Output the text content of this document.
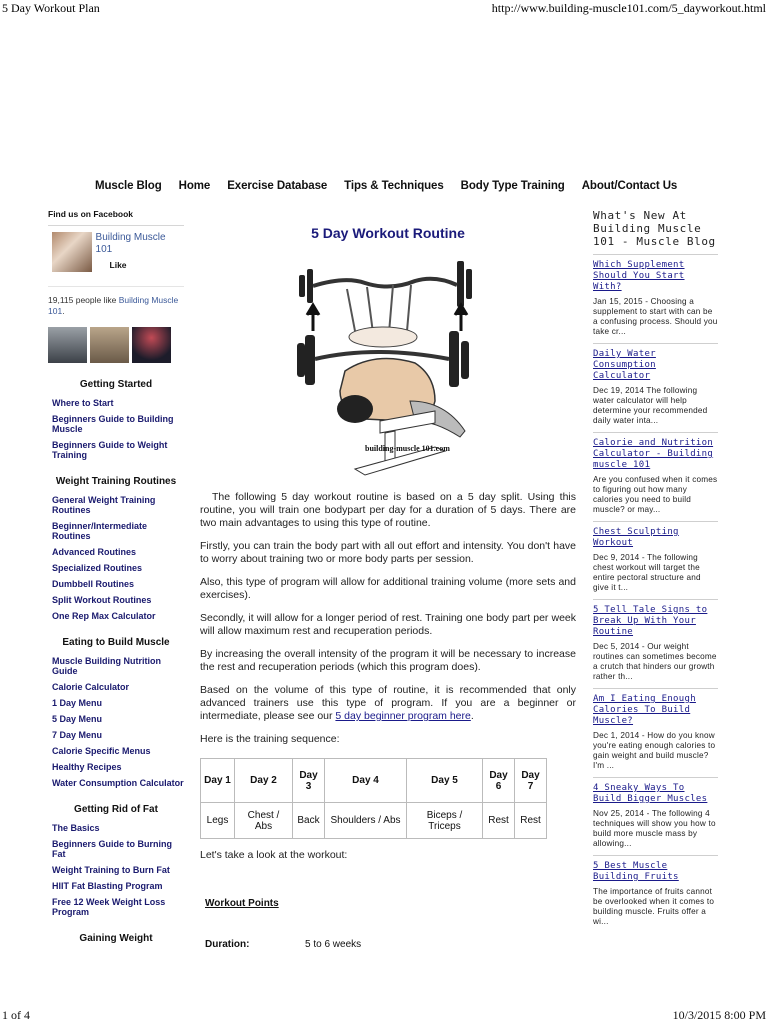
5 Day Workout Plan	http://www.building-muscle101.com/5_dayworkout.html
Muscle Blog Home Exercise Database Tips & Techniques Body Type Training About/Contact Us
Find us on Facebook
Building Muscle 101
Like
19,115 people like Building Muscle 101.
Getting Started
Where to Start
Beginners Guide to Building Muscle
Beginners Guide to Weight Training
Weight Training Routines
General Weight Training Routines
Beginner/Intermediate Routines
Advanced Routines
Specialized Routines
Dumbbell Routines
Split Workout Routines
One Rep Max Calculator
Eating to Build Muscle
Muscle Building Nutrition Guide
Calorie Calculator
1 Day Menu
5 Day Menu
7 Day Menu
Calorie Specific Menus
Healthy Recipes
Water Consumption Calculator
Getting Rid of Fat
The Basics
Beginners Guide to Burning Fat
Weight Training to Burn Fat
HIIT Fat Blasting Program
Free 12 Week Weight Loss Program
Gaining Weight
5 Day Workout Routine
building-muscle 101.com

The following 5 day workout routine is based on a 5 day split. Using this routine, you will train one bodypart per day for a duration of 5 days. There are two main advantages to using this type of routine.

Firstly, you can train the body part with all out effort and intensity. You don't have to worry about training two or more body parts per session.

Also, this type of program will allow for additional training volume (more sets and exercises).

Secondly, it will allow for a longer period of rest. Training one body part per week will allow maximum rest and recuperation periods.

By increasing the overall intensity of the program it will be necessary to increase the rest and recuperation periods (which this program does).

Based on the volume of this type of routine, it is recommended that only advanced trainers use this type of program. If you are a beginner or intermediate, please see our 5 day beginner program here.

Here is the training sequence:

Day 1	Day 2	Day 3	Day 4	Day 5	Day 6	Day 7
Legs	Chest / Abs	Back	Shoulders / Abs	Biceps / Triceps	Rest	Rest

Let's take a look at the workout:

Workout Points
Duration:	5 to 6 weeks
What's New At Building Muscle 101 - Muscle Blog
Which Supplement Should You Start With?
Jan 15, 2015 - Choosing a supplement to start with can be a confusing process. Should you take cr...
Daily Water Consumption Calculator
Dec 19, 2014 The following water calculator will help determine your recommended daily water inta...
Calorie and Nutrition Calculator - Building muscle 101
Are you confused when it comes to figuring out how many calories you need to build muscle? or may...
Chest Sculpting Workout
Dec 9, 2014 - The following chest workout will target the entire pectoral structure and give it t...
5 Tell Tale Signs to Break Up With Your Routine
Dec 5, 2014 - Our weight routines can sometimes become a crutch that hinders our growth rather th...
Am I Eating Enough Calories To Build Muscle?
Dec 1, 2014 - How do you know you're eating enough calories to gain weight and build muscle? I'm ...
4 Sneaky Ways To Build Bigger Muscles
Nov 25, 2014 - The following 4 techniques will show you how to build more muscle mass by allowing...
5 Best Muscle Building Fruits
The importance of fruits cannot be overlooked when it comes to building muscle. Fruits offer a wi...
1 of 4	10/3/2015 8:00 PM
